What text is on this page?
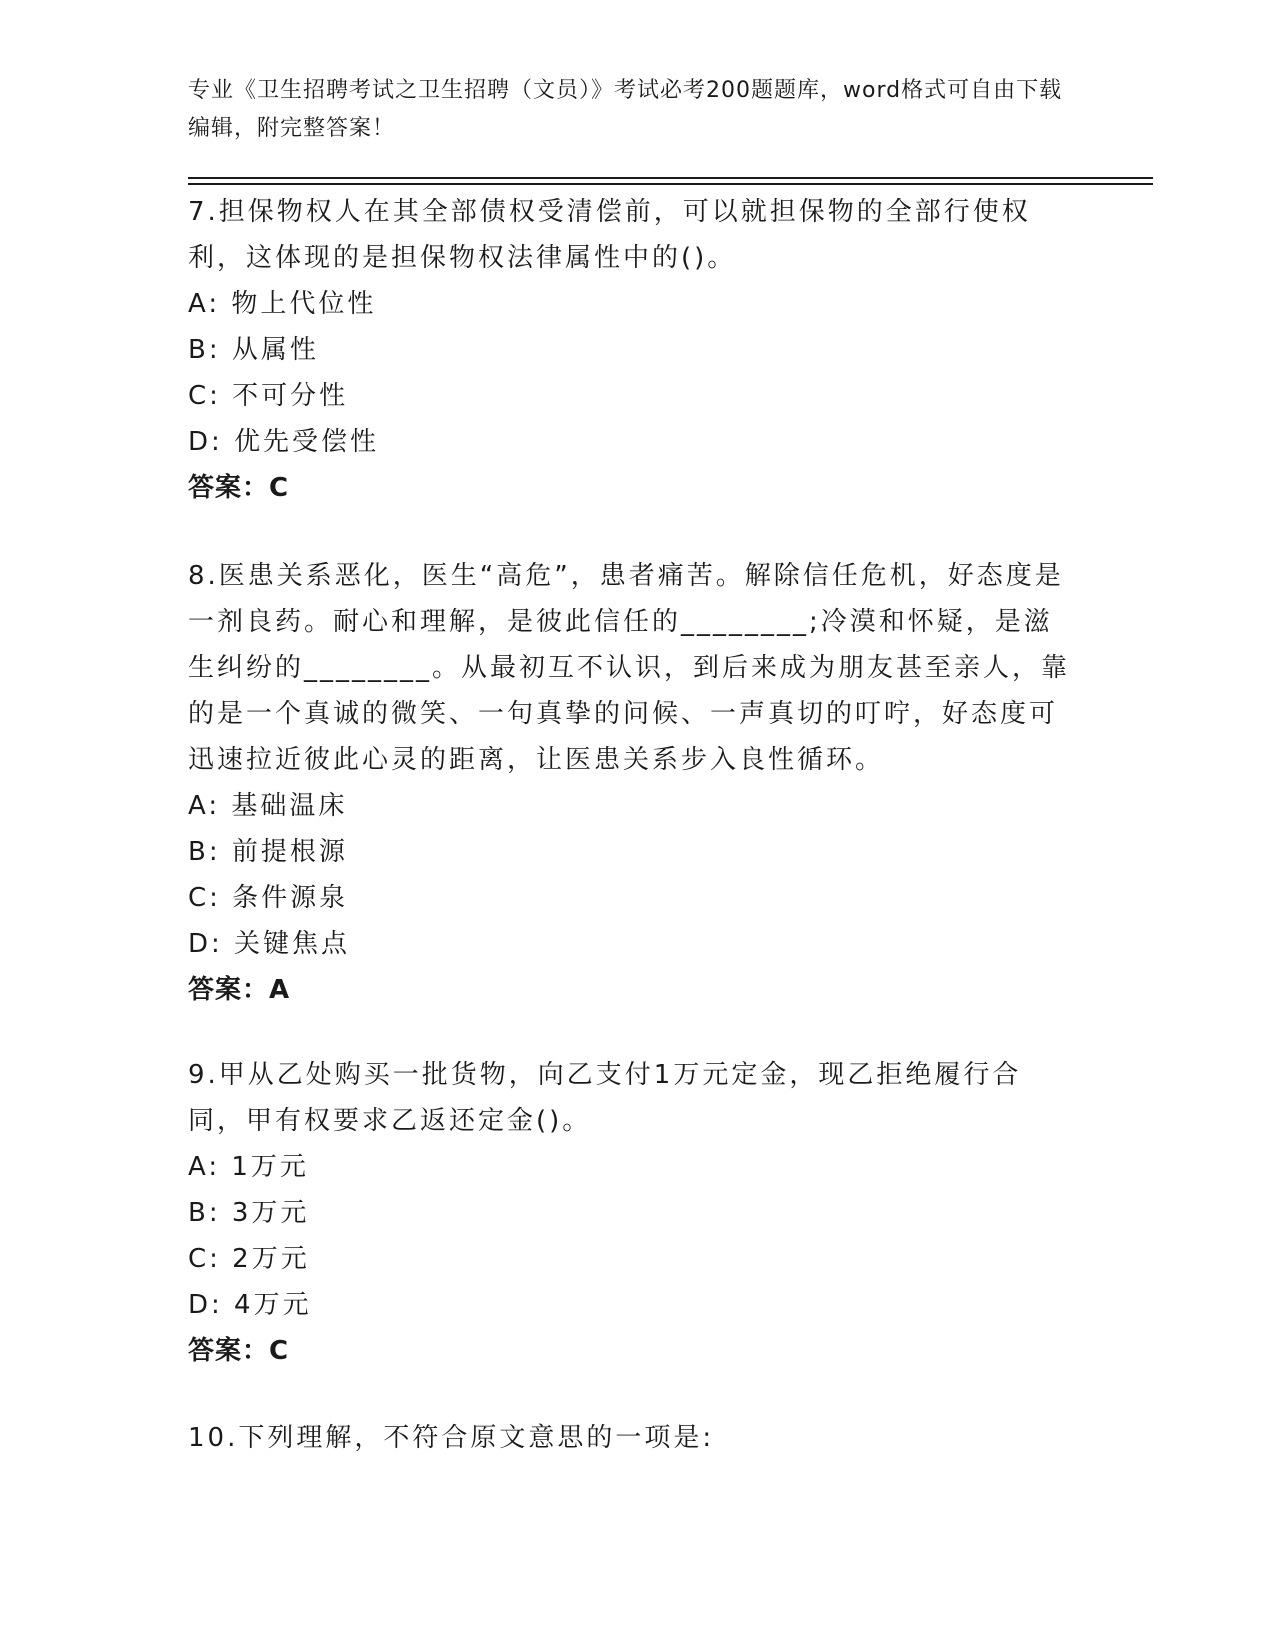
专业《卫生招聘考试之卫生招聘（文员）》考试必考200题题库，word格式可自由下载编辑，附完整答案！

7.担保物权人在其全部债权受清偿前，可以就担保物的全部行使权利，这体现的是担保物权法律属性中的()。

A: 物上代位性

B: 从属性

C: 不可分性

D: 优先受偿性

答案：C

8.医患关系恶化，医生“高危”，患者痛苦。解除信任危机，好态度是一剂良药。耐心和理解，是彼此信任的________;冷漠和怀疑，是滋生纠纷的________。从最初互不认识，到后来成为朋友甚至亲人，靠的是一个真诚的微笑、一句真挚的问候、一声真切的叮咛，好态度可迅速拉近彼此心灵的距离，让医患关系步入良性循环。

A: 基础温床

B: 前提根源

C: 条件源泉

D: 关键焦点

答案：A

9.甲从乙处购买一批货物，向乙支付1万元定金，现乙拒绝履行合同，甲有权要求乙返还定金()。

A: 1万元

B: 3万元

C: 2万元

D: 4万元

答案：C

10.下列理解，不符合原文意思的一项是:
